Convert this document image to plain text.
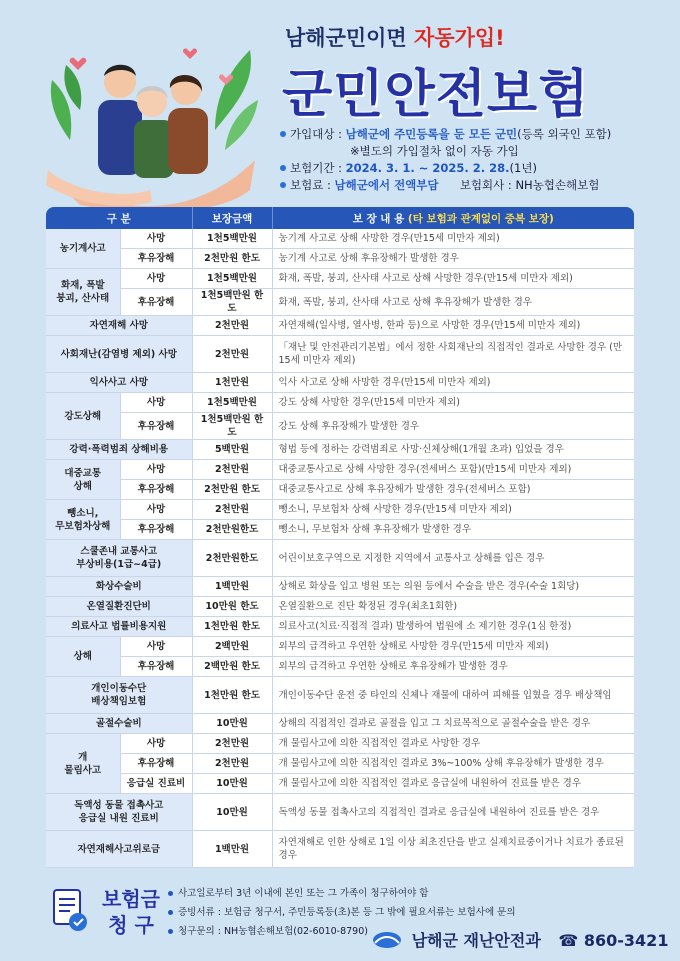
남해군민이면 자동가입!
군민안전보험
가입대상 : 남해군에 주민등록을 둔 모든 군민(등록 외국인 포함)
※별도의 가입절차 없이 자동 가입
보험기간 : 2024. 3. 1. ~ 2025. 2. 28.(1년)
보험료 : 남해군에서 전액부담 보험회사 : NH농협손해보험
구 분		보장금액	보 장 내 용 (타 보험과 관계없이 중복 보장)
농기계사고	사망	1천5백만원	농기계 사고로 상해 사망한 경우(만15세 미만자 제외)
	후유장해	2천만원 한도	농기계 사고로 상해 후유장해가 발생한 경우
화재, 폭발
붕괴, 산사태	사망	1천5백만원	화재, 폭발, 붕괴, 산사태 사고로 상해 사망한 경우(만15세 미만자 제외)
	후유장해	1천5백만원 한도	화재, 폭발, 붕괴, 산사태 사고로 상해 후유장해가 발생한 경우
자연재해 사망		2천만원	자연재해(일사병, 열사병, 한파 등)으로 사망한 경우(만15세 미만자 제외)
사회재난(감염병 제외) 사망		2천만원	「재난 및 안전관리기본법」에서 정한 사회재난의 직접적인 결과로 사망한 경우 (만15세 미만자 제외)
익사사고 사망		1천만원	익사 사고로 상해 사망한 경우(만15세 미만자 제외)
강도상해	사망	1천5백만원	강도 상해 사망한 경우(만15세 미만자 제외)
	후유장해	1천5백만원 한도	강도 상해 후유장해가 발생한 경우
강력·폭력범죄 상해비용		5백만원	형법 등에 정하는 강력범죄로 사망·신체상해(1개월 초과) 입었을 경우
대중교통
상해	사망	2천만원	대중교통사고로 상해 사망한 경우(전세버스 포함)(만15세 미만자 제외)
	후유장해	2천만원 한도	대중교통사고로 상해 후유장해가 발생한 경우(전세버스 포함)
뺑소니,
무보험차상해	사망	2천만원	뺑소니, 무보험차 상해 사망한 경우(만15세 미만자 제외)
	후유장해	2천만원한도	뺑소니, 무보험차 상해 후유장해가 발생한 경우
스쿨존내 교통사고
부상비용(1급~4급)		2천만원한도	어린이보호구역으로 지정한 지역에서 교통사고 상해를 입은 경우
화상수술비		1백만원	상해로 화상을 입고 병원 또는 의원 등에서 수술을 받은 경우(수술 1회당)
온열질환진단비		10만원 한도	온열질환으로 진단 확정된 경우(최초1회한)
의료사고 법률비용지원		1천만원 한도	의료사고(치료·직접적 결과) 발생하여 법원에 소 제기한 경우(1심 한정)
상해	사망	2백만원	외부의 급격하고 우연한 상해로 사망한 경우(만15세 미만자 제외)
	후유장해	2백만원 한도	외부의 급격하고 우연한 상해로 후유장해가 발생한 경우
개인이동수단
배상책임보험		1천만원 한도	개인이동수단 운전 중 타인의 신체나 재물에 대하여 피해를 입혔을 경우 배상책임
골절수술비		10만원	상해의 직접적인 결과로 골절을 입고 그 치료목적으로 골절수술을 받은 경우
개
물림사고	사망	2천만원	개 물림사고에 의한 직접적인 결과로 사망한 경우
	후유장해	2천만원	개 물림사고에 의한 직접적인 결과로 3%~100% 상해 후유장해가 발생한 경우
	응급실 진료비	10만원	개 물림사고에 의한 직접적인 결과로 응급실에 내원하여 진료를 받은 경우
독액성 동물 접촉사고
응급실 내원 진료비		10만원	독액성 동물 접촉사고의 직접적인 결과로 응급실에 내원하여 진료를 받은 경우
자연재해사고위로금		1백만원	자연재해로 인한 상해로 1일 이상 최초진단을 받고 실제치료중이거나 치료가 종료된 경우
보험금
청 구
사고일로부터 3년 이내에 본인 또는 그 가족이 청구하여야 함
증빙서류 : 보험금 청구서, 주민등록등(초)본 등 그 밖에 필요서류는 보험사에 문의
청구문의 : NH농협손해보험(02-6010-8790)	남해군 재난안전과 ☎ 860-3421
